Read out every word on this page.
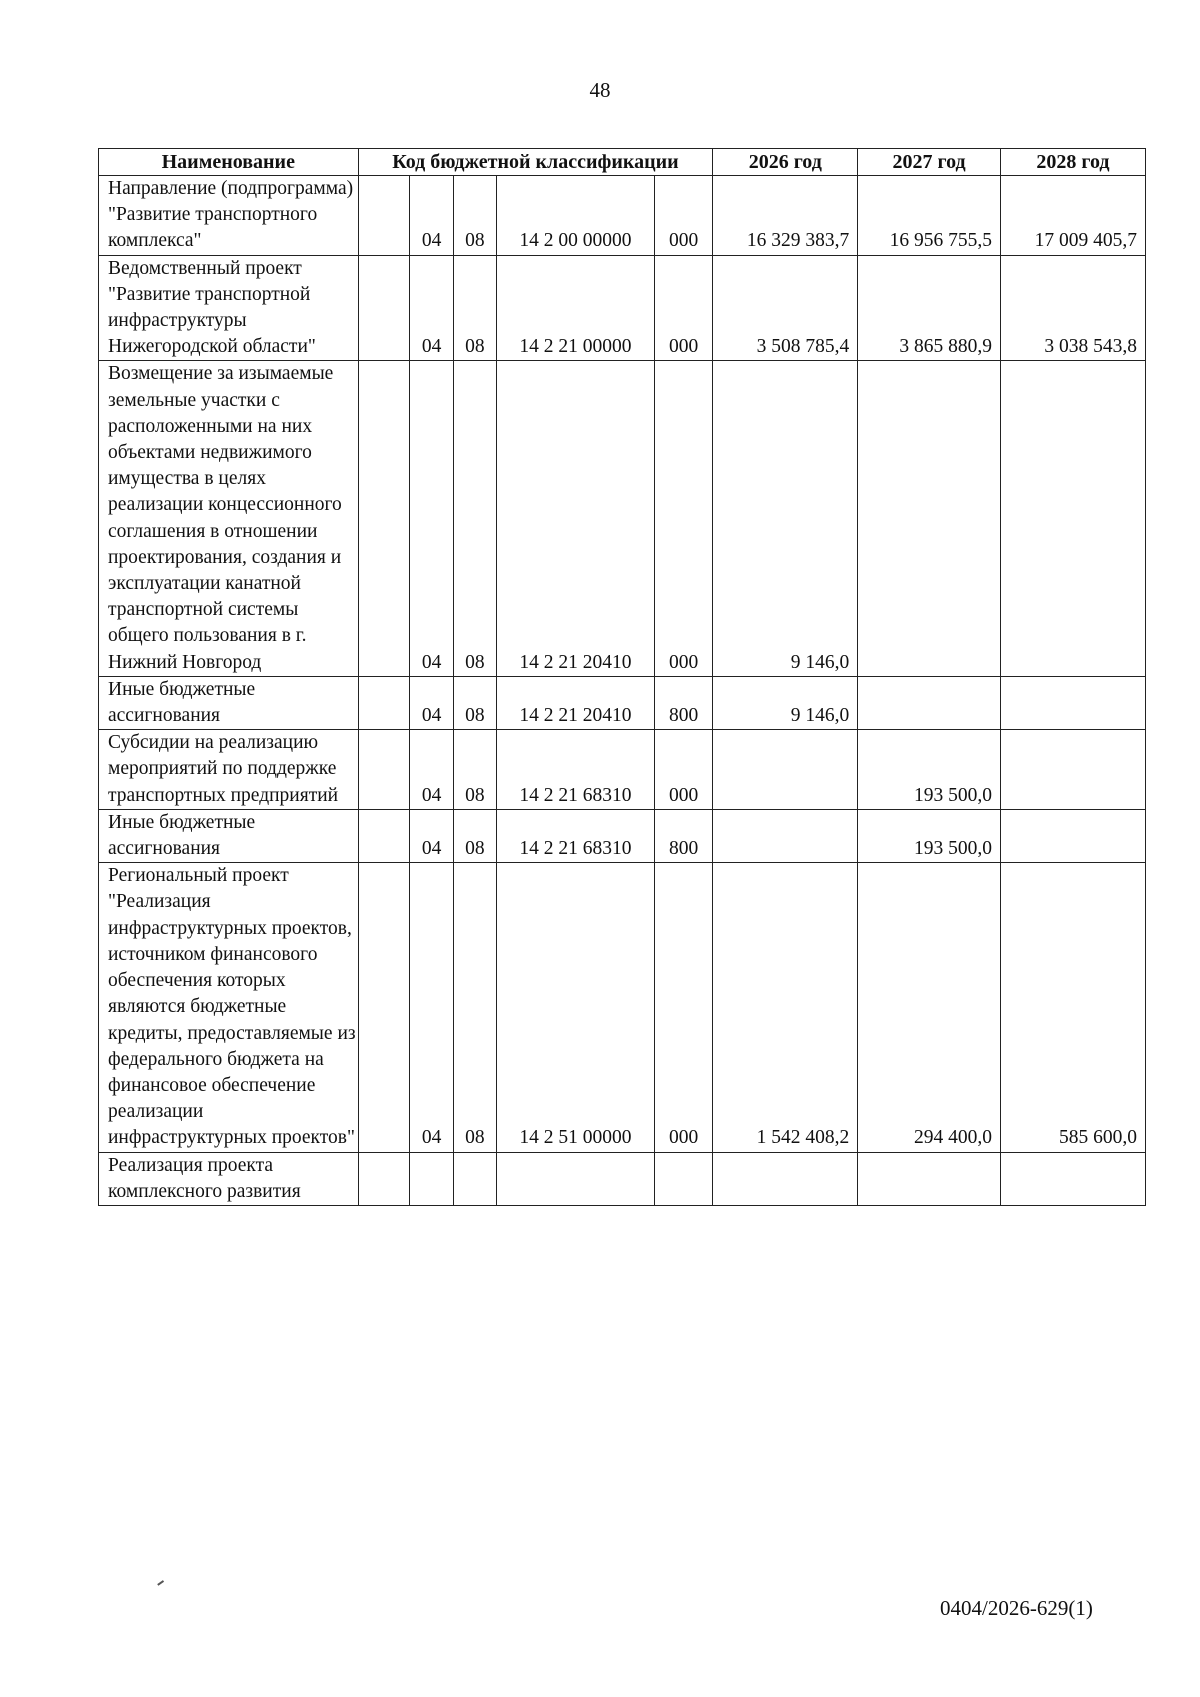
48
Наименование	Код бюджетной классификации					2026 год	2027 год	2028 год
Направление (подпрограмма) "Развитие транспортного комплекса"		04	08	14 2 00 00000	000	16 329 383,7	16 956 755,5	17 009 405,7
Ведомственный проект "Развитие транспортной инфраструктуры Нижегородской области"		04	08	14 2 21 00000	000	3 508 785,4	3 865 880,9	3 038 543,8
Возмещение за изымаемые земельные участки с расположенными на них объектами недвижимого имущества в целях реализации концессионного соглашения в отношении проектирования, создания и эксплуатации канатной транспортной системы общего пользования в г. Нижний Новгород		04	08	14 2 21 20410	000	9 146,0		
Иные бюджетные ассигнования		04	08	14 2 21 20410	800	9 146,0		
Субсидии на реализацию мероприятий по поддержке транспортных предприятий		04	08	14 2 21 68310	000		193 500,0	
Иные бюджетные ассигнования		04	08	14 2 21 68310	800		193 500,0	
Региональный проект "Реализация инфраструктурных проектов, источником финансового обеспечения которых являются бюджетные кредиты, предоставляемые из федерального бюджета на финансовое обеспечение реализации инфраструктурных проектов"		04	08	14 2 51 00000	000	1 542 408,2	294 400,0	585 600,0
Реализация проекта комплексного развития								
0404/2026-629(1)
